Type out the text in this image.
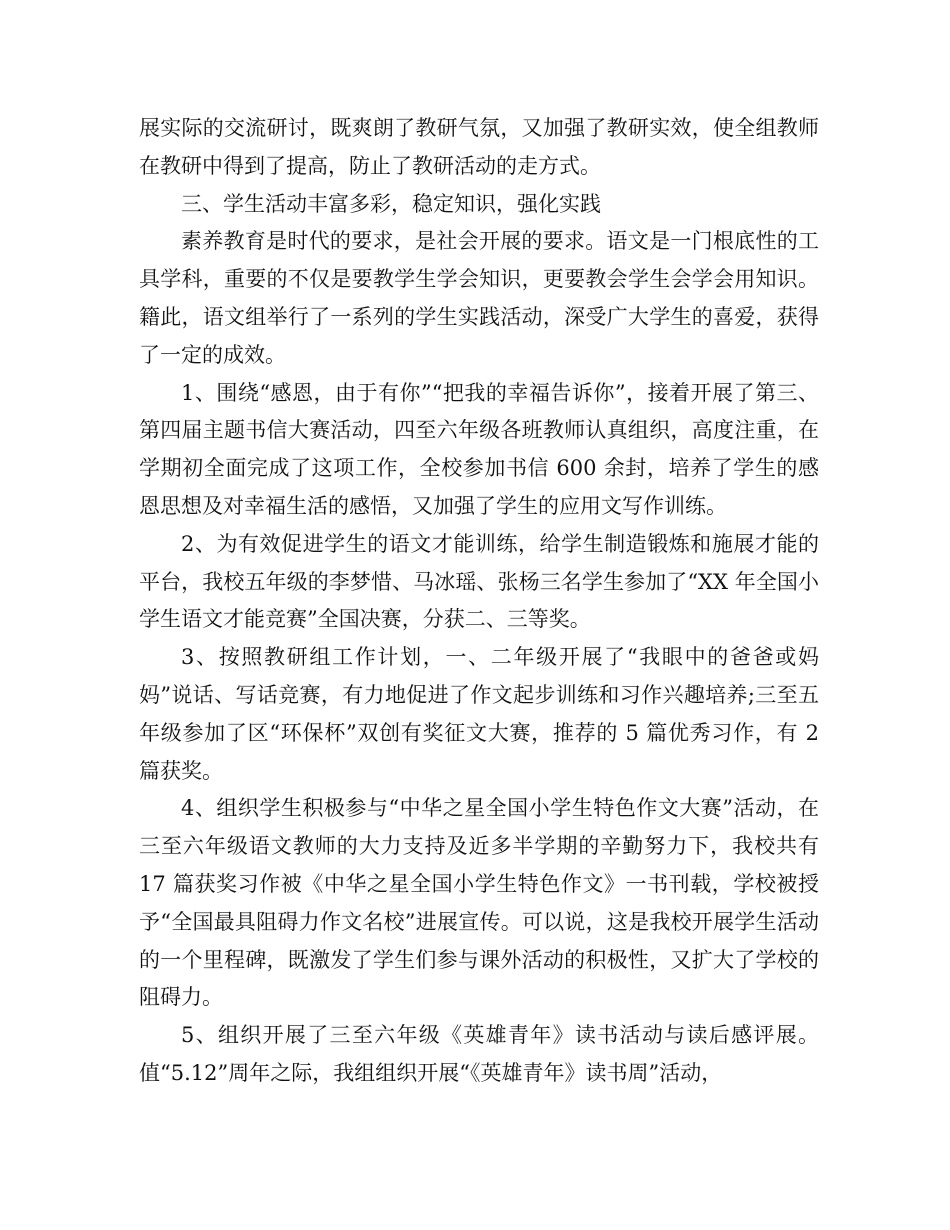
展实际的交流研讨，既爽朗了教研气氛，又加强了教研实效，使全组教师在教研中得到了提高，防止了教研活动的走方式。

三、学生活动丰富多彩，稳定知识，强化实践

素养教育是时代的要求，是社会开展的要求。语文是一门根底性的工具学科，重要的不仅是要教学生学会知识，更要教会学生会学会用知识。籍此，语文组举行了一系列的学生实践活动，深受广大学生的喜爱，获得了一定的成效。

1、围绕“感恩，由于有你”“把我的幸福告诉你”，接着开展了第三、第四届主题书信大赛活动，四至六年级各班教师认真组织，高度注重，在学期初全面完成了这项工作，全校参加书信 600 余封，培养了学生的感恩思想及对幸福生活的感悟，又加强了学生的应用文写作训练。

2、为有效促进学生的语文才能训练，给学生制造锻炼和施展才能的平台，我校五年级的李梦惜、马冰瑶、张杨三名学生参加了“XX 年全国小学生语文才能竞赛”全国决赛，分获二、三等奖。

3、按照教研组工作计划，一、二年级开展了“我眼中的爸爸或妈妈”说话、写话竞赛，有力地促进了作文起步训练和习作兴趣培养;三至五年级参加了区“环保杯”双创有奖征文大赛，推荐的 5 篇优秀习作，有 2 篇获奖。

4、组织学生积极参与“中华之星全国小学生特色作文大赛”活动，在三至六年级语文教师的大力支持及近多半学期的辛勤努力下，我校共有 17 篇获奖习作被《中华之星全国小学生特色作文》一书刊载，学校被授予“全国最具阻碍力作文名校”进展宣传。可以说，这是我校开展学生活动的一个里程碑，既激发了学生们参与课外活动的积极性，又扩大了学校的阻碍力。

5、组织开展了三至六年级《英雄青年》读书活动与读后感评展。值“5.12”周年之际，我组组织开展“《英雄青年》读书周”活动，
